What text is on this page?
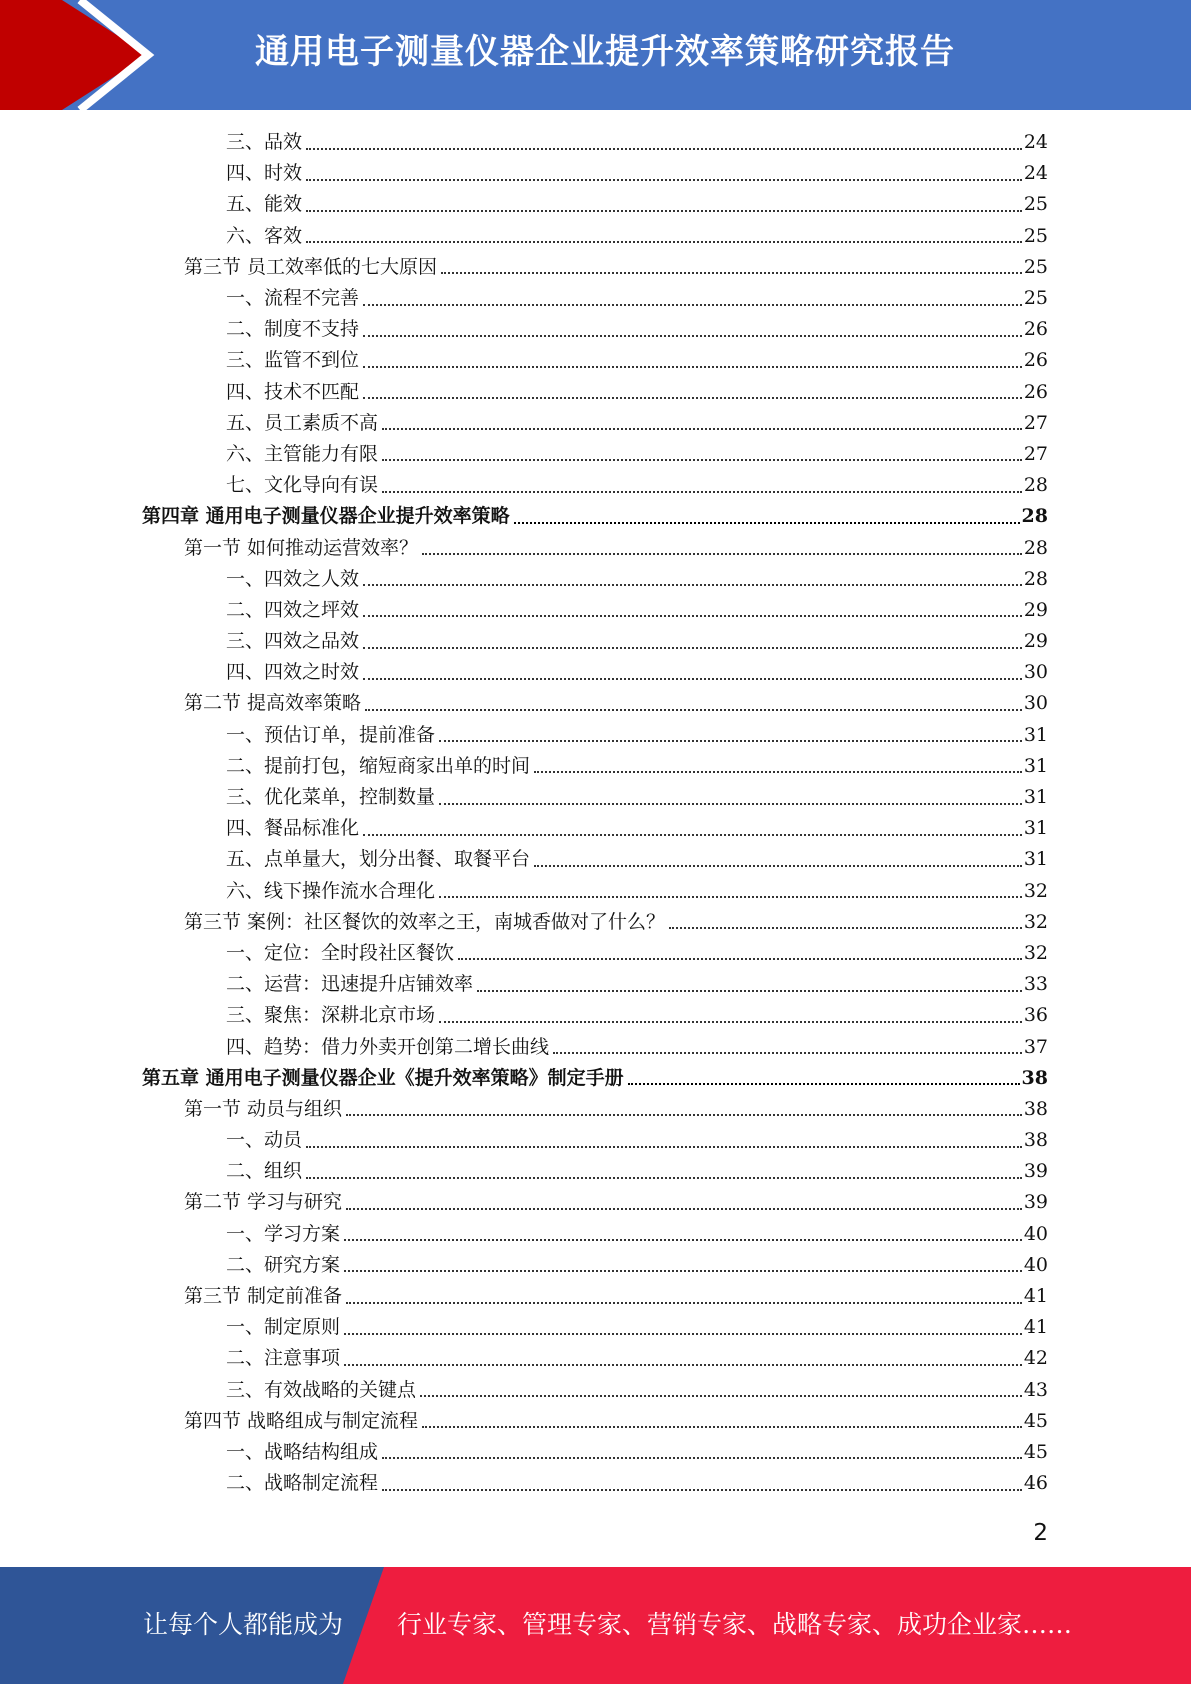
通用电子测量仪器企业提升效率策略研究报告
三、品效	24
四、时效	24
五、能效	25
六、客效	25
第三节 员工效率低的七大原因	25
一、流程不完善	25
二、制度不支持	26
三、监管不到位	26
四、技术不匹配	26
五、员工素质不高	27
六、主管能力有限	27
七、文化导向有误	28
第四章 通用电子测量仪器企业提升效率策略	28
第一节 如何推动运营效率？	28
一、四效之人效	28
二、四效之坪效	29
三、四效之品效	29
四、四效之时效	30
第二节 提高效率策略	30
一、预估订单，提前准备	31
二、提前打包，缩短商家出单的时间	31
三、优化菜单，控制数量	31
四、餐品标准化	31
五、点单量大，划分出餐、取餐平台	31
六、线下操作流水合理化	32
第三节 案例：社区餐饮的效率之王，南城香做对了什么？	32
一、定位：全时段社区餐饮	32
二、运营：迅速提升店铺效率	33
三、聚焦：深耕北京市场	36
四、趋势：借力外卖开创第二增长曲线	37
第五章 通用电子测量仪器企业《提升效率策略》制定手册	38
第一节 动员与组织	38
一、动员	38
二、组织	39
第二节 学习与研究	39
一、学习方案	40
二、研究方案	40
第三节 制定前准备	41
一、制定原则	41
二、注意事项	42
三、有效战略的关键点	43
第四节 战略组成与制定流程	45
一、战略结构组成	45
二、战略制定流程	46
2
让每个人都能成为 行业专家、管理专家、营销专家、战略专家、成功企业家……
